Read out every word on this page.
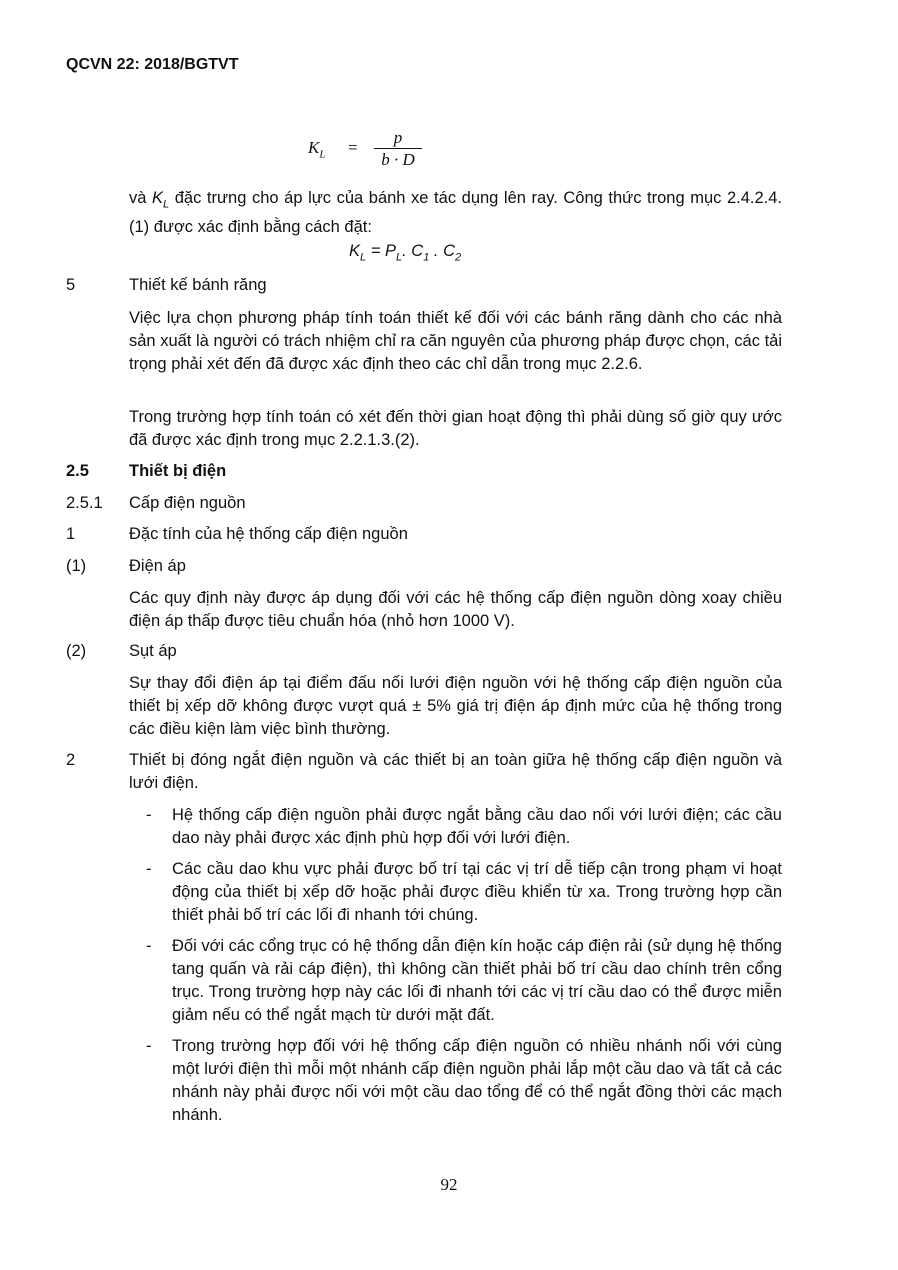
QCVN 22: 2018/BGTVT
$K_L$ =
p
b · D
và $K_L$ đặc trưng cho áp lực của bánh xe tác dụng lên ray. Công thức trong mục 2.4.2.4.(1) được xác định bằng cách đặt:
$K_L = P_L$. $C_1$ . $C_2$
5	Thiết kế bánh răng
Việc lựa chọn phương pháp tính toán thiết kế đối với các bánh răng dành cho các nhà sản xuất là người có trách nhiệm chỉ ra căn nguyên của phương pháp được chọn, các tải trọng phải xét đến đã được xác định theo các chỉ dẫn trong mục 2.2.6.
Trong trường hợp tính toán có xét đến thời gian hoạt động thì phải dùng số giờ quy ước đã được xác định trong mục 2.2.1.3.(2).
2.5 Thiết bị điện
2.5.1 Cấp điện nguồn
1	Đặc tính của hệ thống cấp điện nguồn
(1)	Điện áp
Các quy định này được áp dụng đối với các hệ thống cấp điện nguồn dòng xoay chiều điện áp thấp được tiêu chuẩn hóa (nhỏ hơn 1000 V).
(2)	Sụt áp
Sự thay đổi điện áp tại điểm đấu nối lưới điện nguồn với hệ thống cấp điện nguồn của thiết bị xếp dỡ không được vượt quá ± 5% giá trị điện áp định mức của hệ thống trong các điều kiện làm việc bình thường.
2	Thiết bị đóng ngắt điện nguồn và các thiết bị an toàn giữa hệ thống cấp điện nguồn và lưới điện.
- Hệ thống cấp điện nguồn phải được ngắt bằng cầu dao nối với lưới điện; các cầu dao này phải được xác định phù hợp đối với lưới điện.
- Các cầu dao khu vực phải được bố trí tại các vị trí dễ tiếp cận trong phạm vi hoạt động của thiết bị xếp dỡ hoặc phải được điều khiển từ xa. Trong trường hợp cần thiết phải bố trí các lối đi nhanh tới chúng.
- Đối với các cổng trục có hệ thống dẫn điện kín hoặc cáp điện rải (sử dụng hệ thống tang quấn và rải cáp điện), thì không cần thiết phải bố trí cầu dao chính trên cổng trục. Trong trường hợp này các lối đi nhanh tới các vị trí cầu dao có thể được miễn giảm nếu có thể ngắt mạch từ dưới mặt đất.
- Trong trường hợp đối với hệ thống cấp điện nguồn có nhiều nhánh nối với cùng một lưới điện thì mỗi một nhánh cấp điện nguồn phải lắp một cầu dao và tất cả các nhánh này phải được nối với một cầu dao tổng để có thể ngắt đồng thời các mạch nhánh.
92
